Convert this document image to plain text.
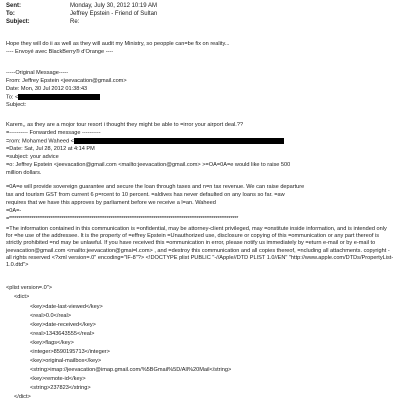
Sent:	Monday, July 30, 2012 10:19 AM
To:	Jeffrey Epstein - Friend of Sultan
Subject:	Re:
Hope they will do ii as well as they will audit my Ministry, so peopple can=be fix on reality...
---- Envoyé avec BlackBerry® d'Orange ----
-----Original Message-----
From: Jeffrey Epstein <jeevacation@gmail.com>
Date: Mon, 30 Jul 2012 01:38:43
To: <
Subject:
Karem,, as they are a mojor tour resort i thought they might be able to =irror your airport deal.??
=---------- Forwarded message ----------
=rom: Mohamed Waheed <
=Date: Sat, Jul 28, 2012 at 4:14 PM
=subject: your advice
=o: Jeffrey Epstein <jeevacation@gmail.com <mailto:jeevacation@gmail.com> >=OA=0A=e would like to raise 500
million dollars.
=0A=e will provide sovereign guarantee and secure the loan through taxes and n=n tax revenue. We can raise departure
tax and tourism GST from current 6 p=rcent to 10 percent. =aldives has never defaulted on any loans so far. =aw
requires that we have this approves by parliament before we receive a l=an. Waheed
=0A=-
=**************************************************************************************************************************
=The information contained in this communication is =onfidential, may be attorney-client privileged, may =onstitute inside information, and is intended only for =he use of the addressee. It is the property of =effrey Epstein =Unauthorized use, disclosure or copying of this =ommunication or any part thereof is strictly prohibited =nd may be unlawful. If you have received this =ommunication in error, please notify us immediately by =eturn e-mail or by e-mail to jeevacation@gmail.com <mailto:jeevacation@gmai=l.com> , and =destroy this communication and all copies thereof, =ncluding all attachments. copyright -all rights reserved <?xml version=.0" encoding="IF-8"?> <!DOCTYPE plist PUBLIC "-//Apple//DTD PLIST 1.0//EN" "http://www.apple.com/DTDs/PropertyList-1.0.dtd">
<plist version=.0">
<dict>
<key>date-last-viewed</key>
<real>0.0</real>
<key>date-received</key>
<real>1343643555</real>
<key>flags</key>
<integer>8590195713</integer>
<key>original-mailbox</key>
<string>imap://jeevacation@imap.gmail.com/%5BGmail%5D/All%20Mail</string>
<key>remote-id</key>
<string>237823</string>
</dict>
